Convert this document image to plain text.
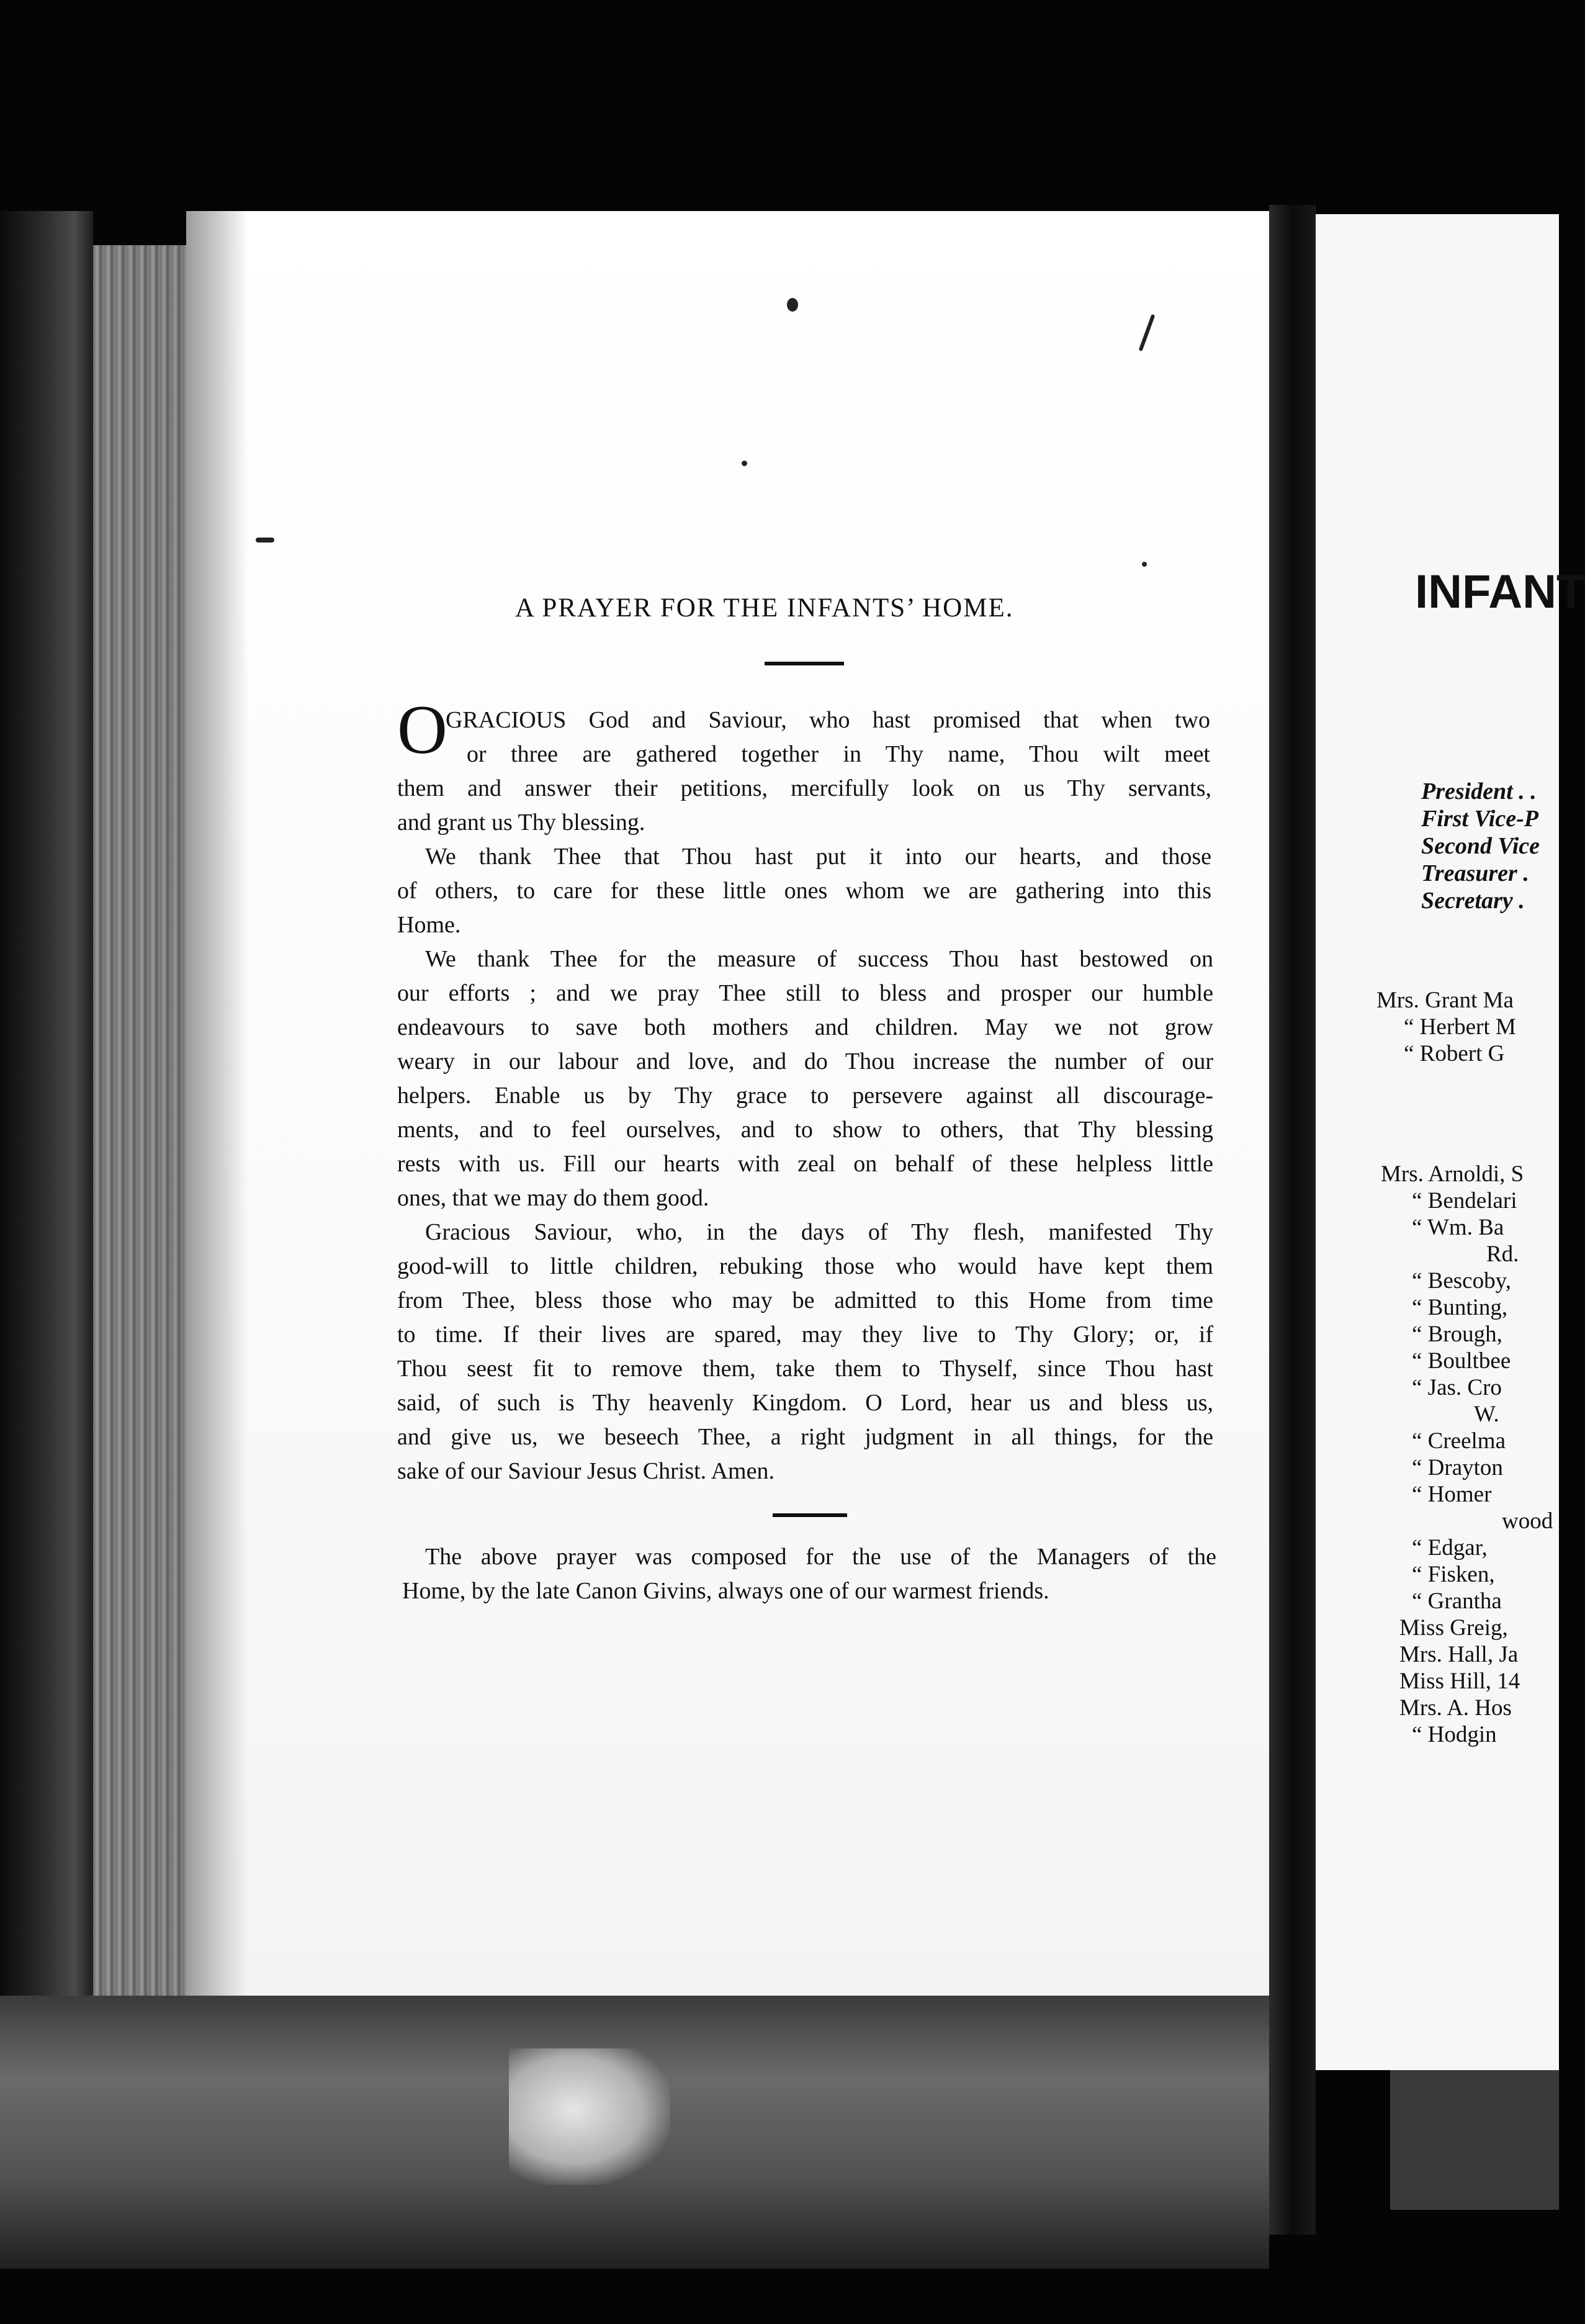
A PRAYER FOR THE INFANTS’ HOME.
O
GRACIOUS God and Saviour, who hast promised that when two
or three are gathered together in Thy name, Thou wilt meet
them and answer their petitions, mercifully look on us Thy servants,
and grant us Thy blessing.
We thank Thee that Thou hast put it into our hearts, and those
of others, to care for these little ones whom we are gathering into this
Home.
We thank Thee for the measure of success Thou hast bestowed on
our efforts ; and we pray Thee still to bless and prosper our humble
endeavours to save both mothers and children. May we not grow
weary in our labour and love, and do Thou increase the number of our
helpers. Enable us by Thy grace to persevere against all discourage-
ments, and to feel ourselves, and to show to others, that Thy blessing
rests with us. Fill our hearts with zeal on behalf of these helpless little
ones, that we may do them good.
Gracious Saviour, who, in the days of Thy flesh, manifested Thy
good-will to little children, rebuking those who would have kept them
from Thee, bless those who may be admitted to this Home from time
to time. If their lives are spared, may they live to Thy Glory; or, if
Thou seest fit to remove them, take them to Thyself, since Thou hast
said, of such is Thy heavenly Kingdom. O Lord, hear us and bless us,
and give us, we beseech Thee, a right judgment in all things, for the
sake of our Saviour Jesus Christ. Amen.
The above prayer was composed for the use of the Managers of the
Home, by the late Canon Givins, always one of our warmest friends.
INFANT
President . .
First Vice-P
Second Vice
Treasurer .
Secretary .
Mrs. Grant Ma
“ Herbert M
“ Robert G
Mrs. Arnoldi, S
“ Bendelari
“ Wm. Ba
Rd.
“ Bescoby,
“ Bunting,
“ Brough,
“ Boultbee
“ Jas. Cro
W.
“ Creelma
“ Drayton
“ Homer
wood
“ Edgar,
“ Fisken,
“ Grantha
Miss Greig,
Mrs. Hall, Ja
Miss Hill, 14
Mrs. A. Hos
“ Hodgin
